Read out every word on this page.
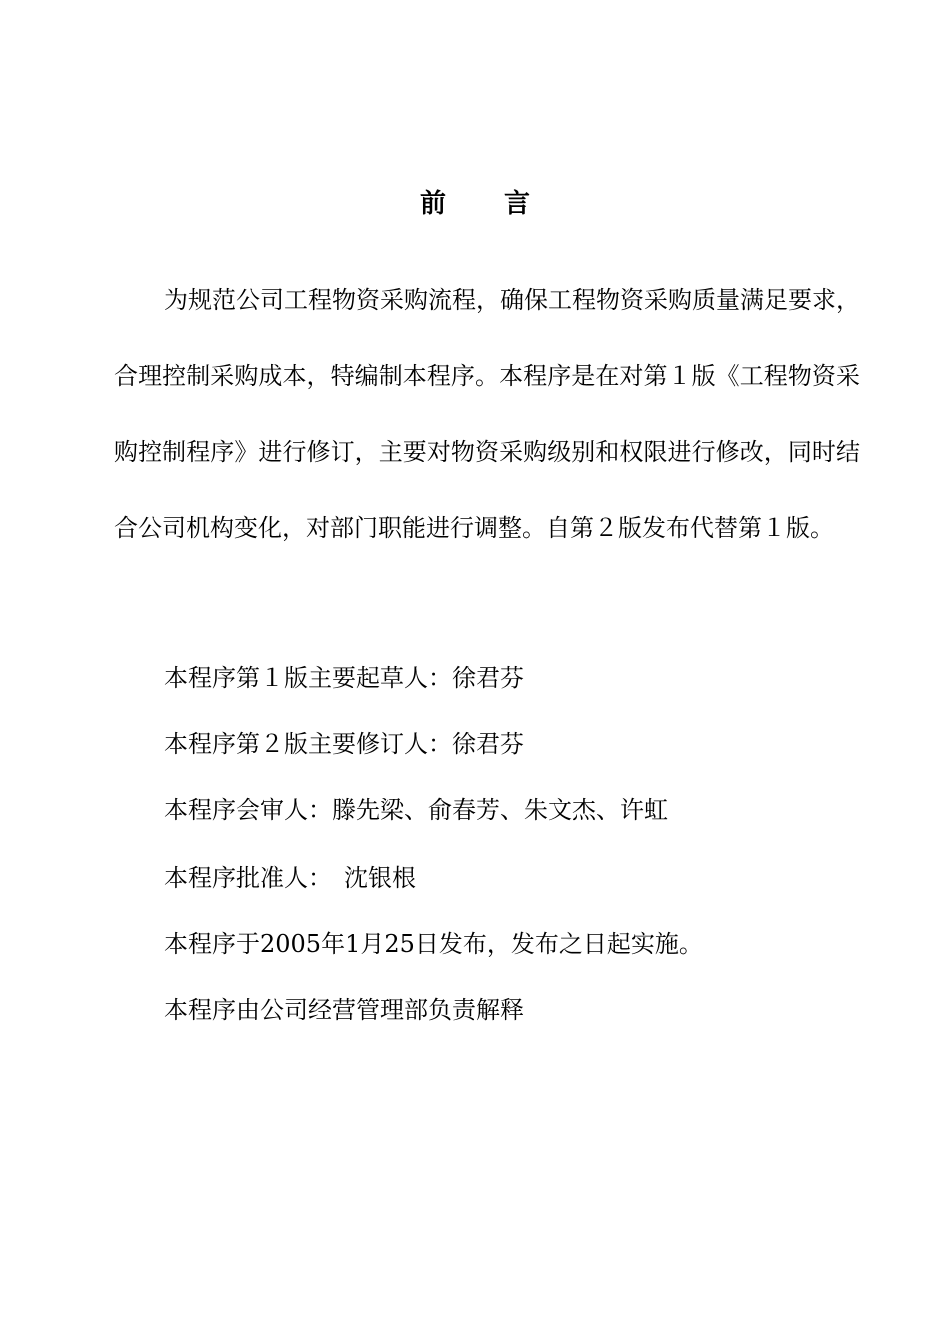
前言
为规范公司工程物资采购流程，确保工程物资采购质量满足要求，合理控制采购成本，特编制本程序。本程序是在对第１版《工程物资采购控制程序》进行修订，主要对物资采购级别和权限进行修改，同时结合公司机构变化，对部门职能进行调整。自第２版发布代替第１版。
本程序第１版主要起草人：徐君芬
本程序第２版主要修订人：徐君芬
本程序会审人：滕先梁、俞春芳、朱文杰、许虹
本程序批准人：　沈银根
本程序于2005年1月25日发布，发布之日起实施。
本程序由公司经营管理部负责解释
